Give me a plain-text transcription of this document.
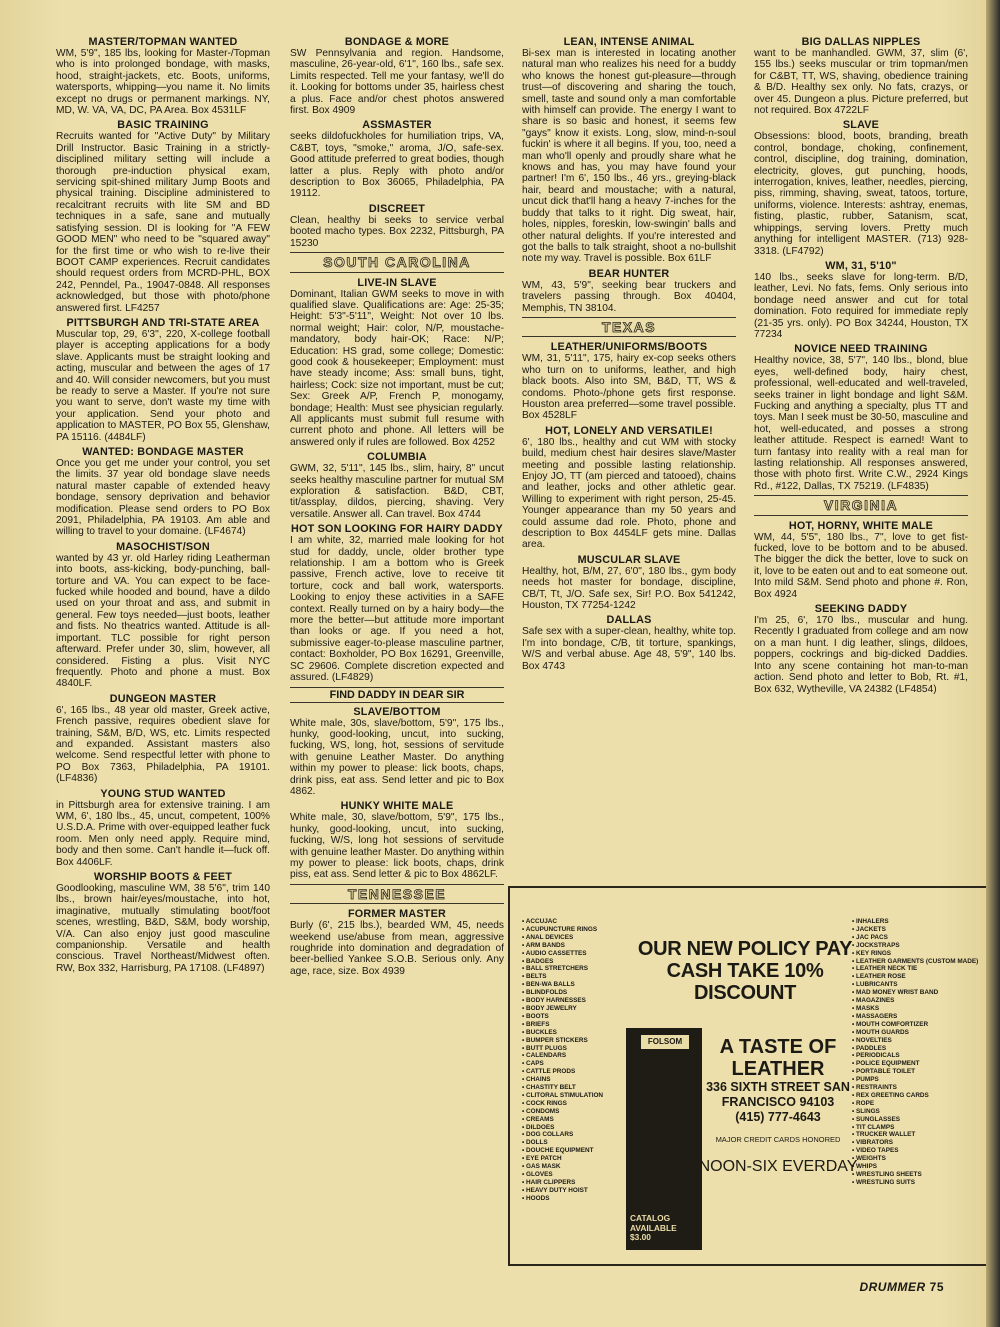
MASTER/TOPMAN WANTED

WM, 5'9", 185 lbs, looking for Master-/Topman who is into prolonged bondage, with masks, hood, straight-jackets, etc. Boots, uniforms, watersports, whipping—you name it. No limits except no drugs or permanent markings. NY, MD, W. VA, VA, DC, PA Area. Box 4531LF

BASIC TRAINING

Recruits wanted for "Active Duty" by Military Drill Instructor. Basic Training in a strictly-disciplined military setting will include a thorough pre-induction physical exam, servicing spit-shined military Jump Boots and physical training. Discipline administered to recalcitrant recruits with lite SM and BD techniques in a safe, sane and mutually satisfying session. DI is looking for "A FEW GOOD MEN" who need to be "squared away" for the first time or who wish to re-live their BOOT CAMP experiences. Recruit candidates should request orders from MCRD-PHL, BOX 242, Penndel, Pa., 19047-0848. All responses acknowledged, but those with photo/phone answered first. LF4257

PITTSBURGH AND TRI-STATE AREA

Muscular top, 29, 6'3", 220, X-college football player is accepting applications for a body slave. Applicants must be straight looking and acting, muscular and between the ages of 17 and 40. Will consider newcomers, but you must be ready to serve a Master. If you're not sure you want to serve, don't waste my time with your application. Send your photo and application to MASTER, PO Box 55, Glenshaw, PA 15116. (4484LF)

WANTED: BONDAGE MASTER

Once you get me under your control, you set the limits. 37 year old bondage slave needs natural master capable of extended heavy bondage, sensory deprivation and behavior modification. Please send orders to PO Box 2091, Philadelphia, PA 19103. Am able and willing to travel to your domaine. (LF4674)

MASOCHIST/SON

wanted by 43 yr. old Harley riding Leatherman into boots, ass-kicking, body-punching, ball-torture and VA. You can expect to be face-fucked while hooded and bound, have a dildo used on your throat and ass, and submit in general. Few toys needed—just boots, leather and fists. No theatrics wanted. Attitude is all-important. TLC possible for right person afterward. Prefer under 30, slim, however, all considered. Fisting a plus. Visit NYC frequently. Photo and phone a must. Box 4840LF.

DUNGEON MASTER

6', 165 lbs., 48 year old master, Greek active, French passive, requires obedient slave for training, S&M, B/D, WS, etc. Limits respected and expanded. Assistant masters also welcome. Send respectful letter with phone to PO Box 7363, Philadelphia, PA 19101. (LF4836)

YOUNG STUD WANTED

in Pittsburgh area for extensive training. I am WM, 6', 180 lbs., 45, uncut, competent, 100% U.S.D.A. Prime with over-equipped leather fuck room. Men only need apply. Require mind, body and then some. Can't handle it—fuck off. Box 4406LF.

WORSHIP BOOTS & FEET

Goodlooking, masculine WM, 38 5'6", trim 140 lbs., brown hair/eyes/moustache, into hot, imaginative, mutually stimulating boot/foot scenes, wrestling, B&D, S&M, body worship, V/A. Can also enjoy just good masculine companionship. Versatile and health conscious. Travel Northeast/Midwest often. RW, Box 332, Harrisburg, PA 17108. (LF4897)

BONDAGE & MORE

SW Pennsylvania and region. Handsome, masculine, 26-year-old, 6'1", 160 lbs., safe sex. Limits respected. Tell me your fantasy, we'll do it. Looking for bottoms under 35, hairless chest a plus. Face and/or chest photos answered first. Box 4909

ASSMASTER

seeks dildofuckholes for humiliation trips, VA, C&BT, toys, "smoke," aroma, J/O, safe-sex. Good attitude preferred to great bodies, though latter a plus. Reply with photo and/or description to Box 36065, Philadelphia, PA 19112.

DISCREET

Clean, healthy bi seeks to service verbal booted macho types. Box 2232, Pittsburgh, PA 15230

SOUTH CAROLINA
LIVE-IN SLAVE

Dominant, Italian GWM seeks to move in with qualified slave. Qualifications are: Age: 25-35; Height: 5'3"-5'11", Weight: Not over 10 lbs. normal weight; Hair: color, N/P, moustache-mandatory, body hair-OK; Race: N/P; Education: HS grad, some college; Domestic: good cook & housekeeper; Employment: must have steady income; Ass: small buns, tight, hairless; Cock: size not important, must be cut; Sex: Greek A/P, French P, monogamy, bondage; Health: Must see physician regularly. All applicants must submit full resume with current photo and phone. All letters will be answered only if rules are followed. Box 4252

COLUMBIA

GWM, 32, 5'11", 145 lbs., slim, hairy, 8" uncut seeks healthy masculine partner for mutual SM exploration & satisfaction. B&D, CBT, tit/assplay, dildos, piercing, shaving. Very versatile. Answer all. Can travel. Box 4744

HOT SON LOOKING FOR HAIRY DADDY

I am white, 32, married male looking for hot stud for daddy, uncle, older brother type relationship. I am a bottom who is Greek passive, French active, love to receive tit torture, cock and ball work, watersports. Looking to enjoy these activities in a SAFE context. Really turned on by a hairy body—the more the better—but attitude more important than looks or age. If you need a hot, submissive eager-to-please masculine partner, contact: Boxholder, PO Box 16291, Greenville, SC 29606. Complete discretion expected and assured. (LF4829)

FIND DADDY IN DEAR SIR
SLAVE/BOTTOM

White male, 30s, slave/bottom, 5'9", 175 lbs., hunky, good-looking, uncut, into sucking, fucking, WS, long, hot, sessions of servitude with genuine Leather Master. Do anything within my power to please: lick boots, chaps, drink piss, eat ass. Send letter and pic to Box 4862.

HUNKY WHITE MALE

White male, 30, slave/bottom, 5'9", 175 lbs., hunky, good-looking, uncut, into sucking, fucking, W/S, long hot sessions of servitude with genuine leather Master. Do anything within my power to please: lick boots, chaps, drink piss, eat ass. Send letter & pic to Box 4862LF.

TENNESSEE
FORMER MASTER

Burly (6', 215 lbs.), bearded WM, 45, needs weekend use/abuse from mean, aggressive roughride into domination and degradation of beer-bellied Yankee S.O.B. Serious only. Any age, race, size. Box 4939

LEAN, INTENSE ANIMAL

Bi-sex man is interested in locating another natural man who realizes his need for a buddy who knows the honest gut-pleasure—through trust—of discovering and sharing the touch, smell, taste and sound only a man comfortable with himself can provide. The energy I want to share is so basic and honest, it seems few "gays" know it exists. Long, slow, mind-n-soul fuckin' is where it all begins. If you, too, need a man who'll openly and proudly share what he knows and has, you may have found your partner! I'm 6', 150 lbs., 46 yrs., greying-black hair, beard and moustache; with a natural, uncut dick that'll hang a heavy 7-inches for the buddy that talks to it right. Dig sweat, hair, holes, nipples, foreskin, low-swingin' balls and other natural delights. If you're interested and got the balls to talk straight, shoot a no-bullshit note my way. Travel is possible. Box 61LF

BEAR HUNTER

WM, 43, 5'9", seeking bear truckers and travelers passing through. Box 40404, Memphis, TN 38104.

TEXAS
LEATHER/UNIFORMS/BOOTS

WM, 31, 5'11", 175, hairy ex-cop seeks others who turn on to uniforms, leather, and high black boots. Also into SM, B&D, TT, WS & condoms. Photo-/phone gets first response. Houston area preferred—some travel possible. Box 4528LF

HOT, LONELY AND VERSATILE!

6', 180 lbs., healthy and cut WM with stocky build, medium chest hair desires slave/Master meeting and possible lasting relationship. Enjoy JO, TT (am pierced and tatooed), chains and leather, jocks and other athletic gear. Willing to experiment with right person, 25-45. Younger appearance than my 50 years and could assume dad role. Photo, phone and description to Box 4454LF gets mine. Dallas area.

MUSCULAR SLAVE

Healthy, hot, B/M, 27, 6'0", 180 lbs., gym body needs hot master for bondage, discipline, CB/T, Tt, J/O. Safe sex, Sir! P.O. Box 541242, Houston, TX 77254-1242

DALLAS

Safe sex with a super-clean, healthy, white top. I'm into bondage, C/B, tit torture, spankings, W/S and verbal abuse. Age 48, 5'9", 140 lbs. Box 4743

BIG DALLAS NIPPLES

want to be manhandled. GWM, 37, slim (6', 155 lbs.) seeks muscular or trim topman/men for C&BT, TT, WS, shaving, obedience training & B/D. Healthy sex only. No fats, crazys, or over 45. Dungeon a plus. Picture preferred, but not required. Box 4722LF

SLAVE

Obsessions: blood, boots, branding, breath control, bondage, choking, confinement, control, discipline, dog training, domination, electricity, gloves, gut punching, hoods, interrogation, knives, leather, needles, piercing, piss, rimming, shaving, sweat, tatoos, torture, uniforms, violence. Interests: ashtray, enemas, fisting, plastic, rubber, Satanism, scat, whippings, serving lovers. Pretty much anything for intelligent MASTER. (713) 928-3318. (LF4792)

WM, 31, 5'10"

140 lbs., seeks slave for long-term. B/D, leather, Levi. No fats, fems. Only serious into bondage need answer and cut for total domination. Foto required for immediate reply (21-35 yrs. only). PO Box 34244, Houston, TX 77234

NOVICE NEED TRAINING

Healthy novice, 38, 5'7", 140 lbs., blond, blue eyes, well-defined body, hairy chest, professional, well-educated and well-traveled, seeks trainer in light bondage and light S&M. Fucking and anything a specialty, plus TT and toys. Man I seek must be 30-50, masculine and hot, well-educated, and posses a strong leather attitude. Respect is earned! Want to turn fantasy into reality with a real man for lasting relationship. All responses answered, those with photo first. Write C.W., 2924 Kings Rd., #122, Dallas, TX 75219. (LF4835)

VIRGINIA
HOT, HORNY, WHITE MALE

WM, 44, 5'5", 180 lbs., 7", love to get fist-fucked, love to be bottom and to be abused. The bigger the dick the better, love to suck on it, love to be eaten out and to eat someone out. Into mild S&M. Send photo and phone #. Ron, Box 4924

SEEKING DADDY

I'm 25, 6', 170 lbs., muscular and hung. Recently I graduated from college and am now on a man hunt. I dig leather, slings, dildoes, poppers, cockrings and big-dicked Daddies. Into any scene containing hot man-to-man action. Send photo and letter to Bob, Rt. #1, Box 632, Wytheville, VA 24382 (LF4854)

• ACCUJAC
• ACUPUNCTURE RINGS
• ANAL DEVICES
• ARM BANDS
• AUDIO CASSETTES
• BADGES
• BALL STRETCHERS
• BELTS
• BEN-WA BALLS
• BLINDFOLDS
• BODY HARNESSES
• BODY JEWELRY
• BOOTS
• BRIEFS
• BUCKLES
• BUMPER STICKERS
• BUTT PLUGS
• CALENDARS
• CAPS
• CATTLE PRODS
• CHAINS
• CHASTITY BELT
• CLITORAL STIMULATION
• COCK RINGS
• CONDOMS
• CREAMS
• DILDOES
• DOG COLLARS
• DOLLS
• DOUCHE EQUIPMENT
• EYE PATCH
• GAS MASK
• GLOVES
• HAIR CLIPPERS
• HEAVY DUTY HOIST
• HOODS
OUR NEW POLICY PAY CASH TAKE 10% DISCOUNT
FOLSOM
CATALOG AVAILABLE $3.00
A TASTE OF LEATHER
336 SIXTH STREET SAN FRANCISCO 94103
(415) 777-4643
MAJOR CREDIT CARDS HONORED
NOON-SIX EVERDAY
• INHALERS
• JACKETS
• JAC PACS
• JOCKSTRAPS
• KEY RINGS
• LEATHER GARMENTS (CUSTOM MADE)
• LEATHER NECK TIE
• LEATHER ROSE
• LUBRICANTS
• MAD MONEY WRIST BAND
• MAGAZINES
• MASKS
• MASSAGERS
• MOUTH COMFORTIZER
• MOUTH GUARDS
• NOVELTIES
• PADDLES
• PERIODICALS
• POLICE EQUIPMENT
• PORTABLE TOILET
• PUMPS
• RESTRAINTS
• REX GREETING CARDS
• ROPE
• SLINGS
• SUNGLASSES
• TIT CLAMPS
• TRUCKER WALLET
• VIBRATORS
• VIDEO TAPES
• WEIGHTS
• WHIPS
• WRESTLING SHEETS
• WRESTLING SUITS
DRUMMER 75
